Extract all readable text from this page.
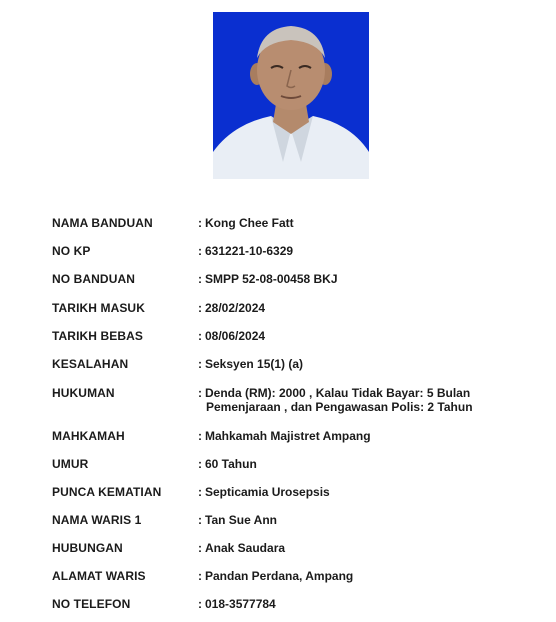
NAMA BANDUAN	: Kong Chee Fatt
NO KP	: 631221-10-6329
NO BANDUAN	: SMPP 52-08-00458 BKJ
TARIKH MASUK	: 28/02/2024
TARIKH BEBAS	: 08/06/2024
KESALAHAN	: Seksyen 15(1) (a)
HUKUMAN	: Denda (RM): 2000 , Kalau Tidak Bayar: 5 Bulan
Pemenjaraan , dan Pengawasan Polis: 2 Tahun
MAHKAMAH	: Mahkamah Majistret Ampang
UMUR	: 60 Tahun
PUNCA KEMATIAN	: Septicamia Urosepsis
NAMA WARIS 1	: Tan Sue Ann
HUBUNGAN	: Anak Saudara
ALAMAT WARIS	: Pandan Perdana, Ampang
NO TELEFON	: 018-3577784
